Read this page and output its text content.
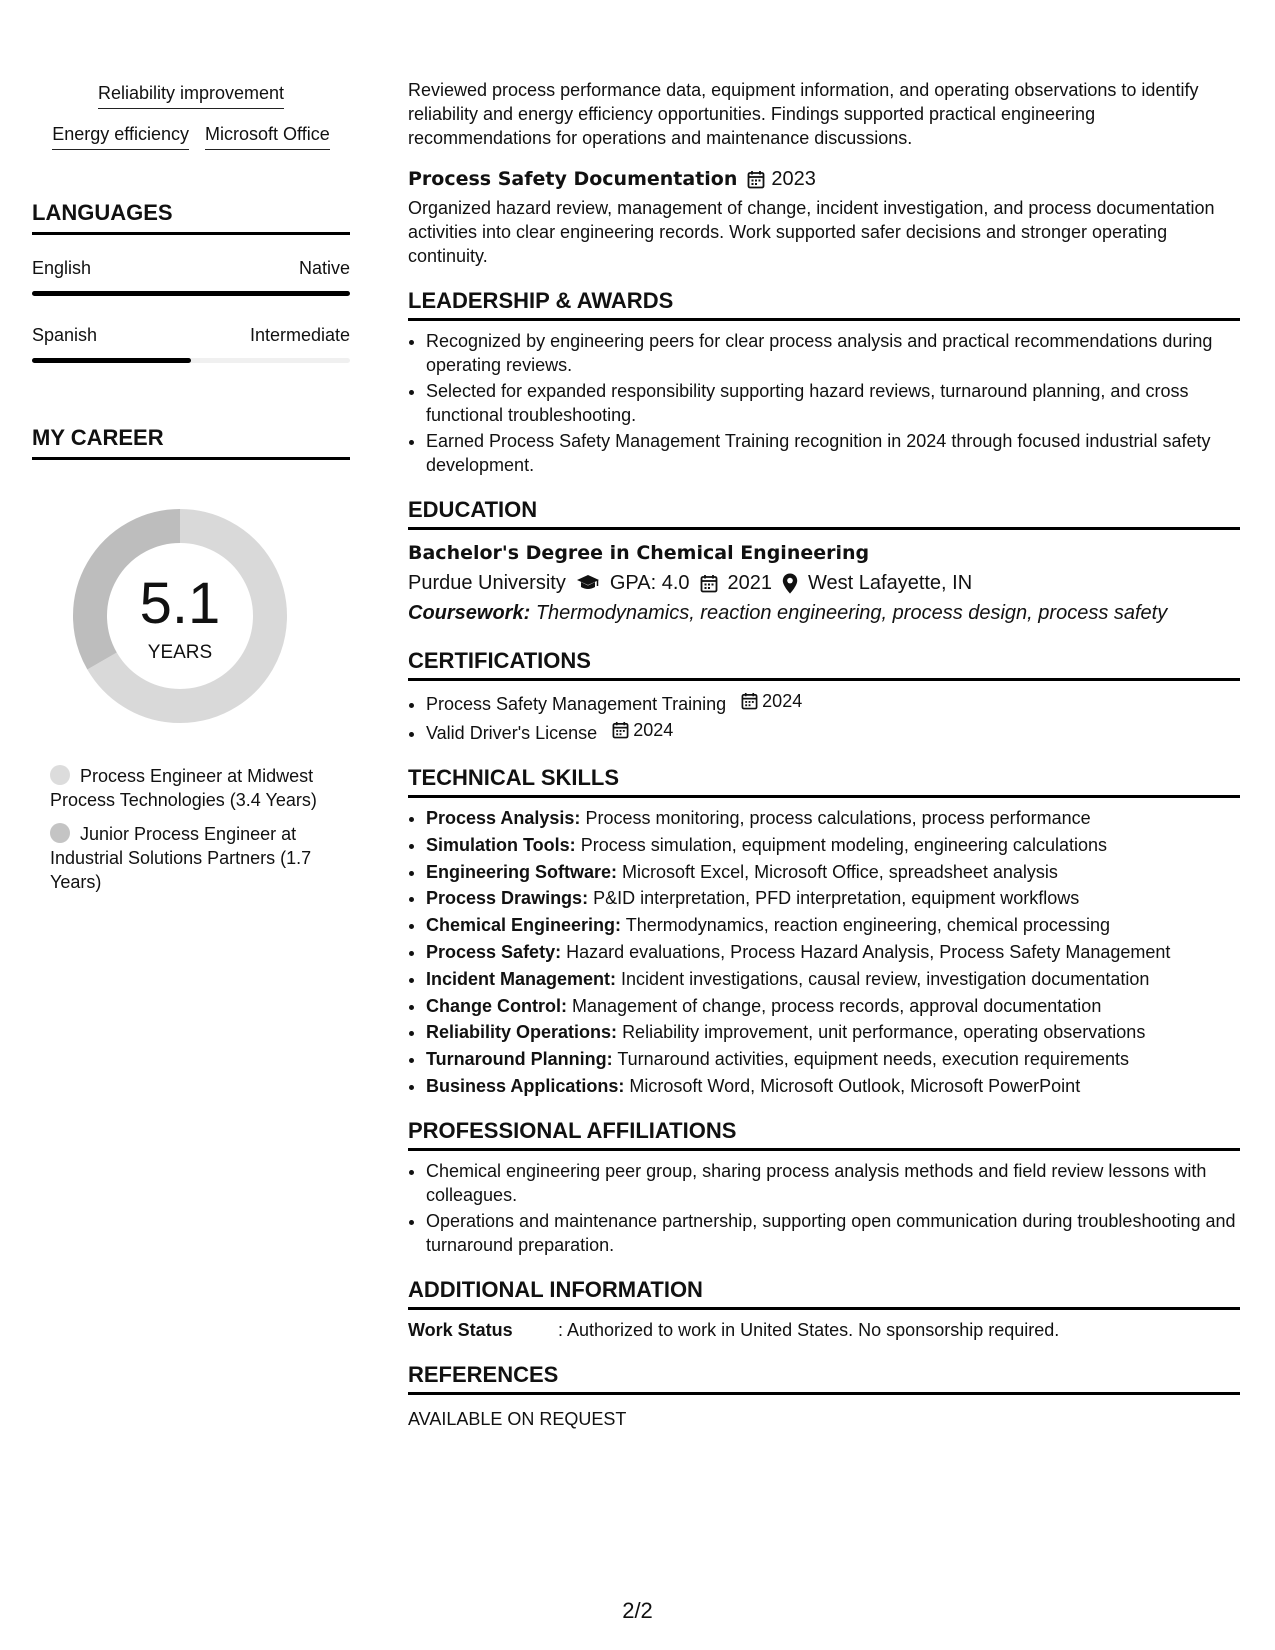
Reliability improvement
Energy efficiency Microsoft Office
LANGUAGES
English	Native
Spanish	Intermediate
MY CAREER
5.1
YEARS
Process Engineer at Midwest Process Technologies (3.4 Years)
Junior Process Engineer at Industrial Solutions Partners (1.7 Years)

Reviewed process performance data, equipment information, and operating observations to identify reliability and energy efficiency opportunities. Findings supported practical engineering recommendations for operations and maintenance discussions.

Process Safety Documentation 2023

Organized hazard review, management of change, incident investigation, and process documentation activities into clear engineering records. Work supported safer decisions and stronger operating continuity.

LEADERSHIP & AWARDS
• Recognized by engineering peers for clear process analysis and practical recommendations during operating reviews.
• Selected for expanded responsibility supporting hazard reviews, turnaround planning, and cross functional troubleshooting.
• Earned Process Safety Management Training recognition in 2024 through focused industrial safety development.
EDUCATION
Bachelor's Degree in Chemical Engineering
Purdue University GPA: 4.0 2021 West Lafayette, IN
Coursework: Thermodynamics, reaction engineering, process design, process safety
CERTIFICATIONS
• Process Safety Management Training 2024
• Valid Driver's License 2024
TECHNICAL SKILLS
• Process Analysis: Process monitoring, process calculations, process performance
• Simulation Tools: Process simulation, equipment modeling, engineering calculations
• Engineering Software: Microsoft Excel, Microsoft Office, spreadsheet analysis
• Process Drawings: P&ID interpretation, PFD interpretation, equipment workflows
• Chemical Engineering: Thermodynamics, reaction engineering, chemical processing
• Process Safety: Hazard evaluations, Process Hazard Analysis, Process Safety Management
• Incident Management: Incident investigations, causal review, investigation documentation
• Change Control: Management of change, process records, approval documentation
• Reliability Operations: Reliability improvement, unit performance, operating observations
• Turnaround Planning: Turnaround activities, equipment needs, execution requirements
• Business Applications: Microsoft Word, Microsoft Outlook, Microsoft PowerPoint
PROFESSIONAL AFFILIATIONS
• Chemical engineering peer group, sharing process analysis methods and field review lessons with colleagues.
• Operations and maintenance partnership, supporting open communication during troubleshooting and turnaround preparation.
ADDITIONAL INFORMATION
Work Status	: Authorized to work in United States. No sponsorship required.
REFERENCES
AVAILABLE ON REQUEST
2/2
